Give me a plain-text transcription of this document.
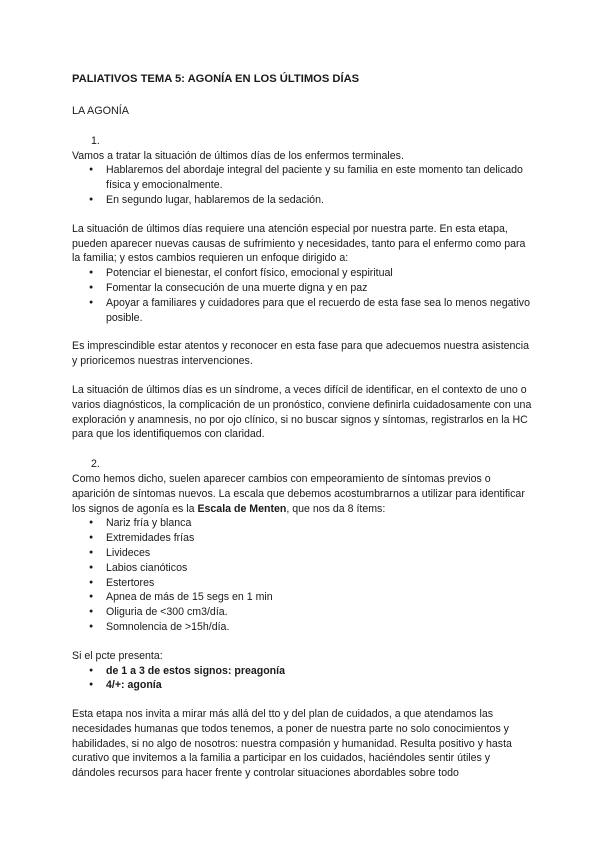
PALIATIVOS TEMA 5: AGONÍA EN LOS ÚLTIMOS DÍAS

LA AGONÍA

1.

Vamos a tratar la situación de últimos días de los enfermos terminales.

● Hablaremos del abordaje integral del paciente y su familia en este momento tan delicado física y emocionalmente.
● En segundo lugar, hablaremos de la sedación.

La situación de últimos días requiere una atención especial por nuestra parte. En esta etapa, pueden aparecer nuevas causas de sufrimiento y necesidades, tanto para el enfermo como para la familia; y estos cambios requieren un enfoque dirigido a:

● Potenciar el bienestar, el confort físico, emocional y espiritual
● Fomentar la consecución de una muerte digna y en paz
● Apoyar a familiares y cuidadores para que el recuerdo de esta fase sea lo menos negativo posible.

Es imprescindible estar atentos y reconocer en esta fase para que adecuemos nuestra asistencia y prioricemos nuestras intervenciones.

La situación de últimos días es un síndrome, a veces difícil de identificar, en el contexto de uno o varios diagnósticos, la complicación de un pronóstico, conviene definirla cuidadosamente con una exploración y anamnesis, no por ojo clínico, si no buscar signos y síntomas, registrarlos en la HC para que los identifiquemos con claridad.

2.

Como hemos dicho, suelen aparecer cambios con empeoramiento de síntomas previos o aparición de síntomas nuevos. La escala que debemos acostumbrarnos a utilizar para identificar los signos de agonía es la Escala de Menten, que nos da 8 ítems:

● Nariz fría y blanca
● Extremidades frías
● Livideces
● Labios cianóticos
● Estertores
● Apnea de más de 15 segs en 1 min
● Oliguria de <300 cm3/día.
● Somnolencia de >15h/día.

Si el pcte presenta:

● de 1 a 3 de estos signos: preagonía
● 4/+: agonía

Esta etapa nos invita a mirar más allá del tto y del plan de cuidados, a que atendamos las necesidades humanas que todos tenemos, a poner de nuestra parte no solo conocimientos y habilidades, si no algo de nosotros: nuestra compasión y humanidad. Resulta positivo y hasta curativo que invitemos a la familia a participar en los cuidados, haciéndoles sentir útiles y dándoles recursos para hacer frente y controlar situaciones abordables sobre todo
